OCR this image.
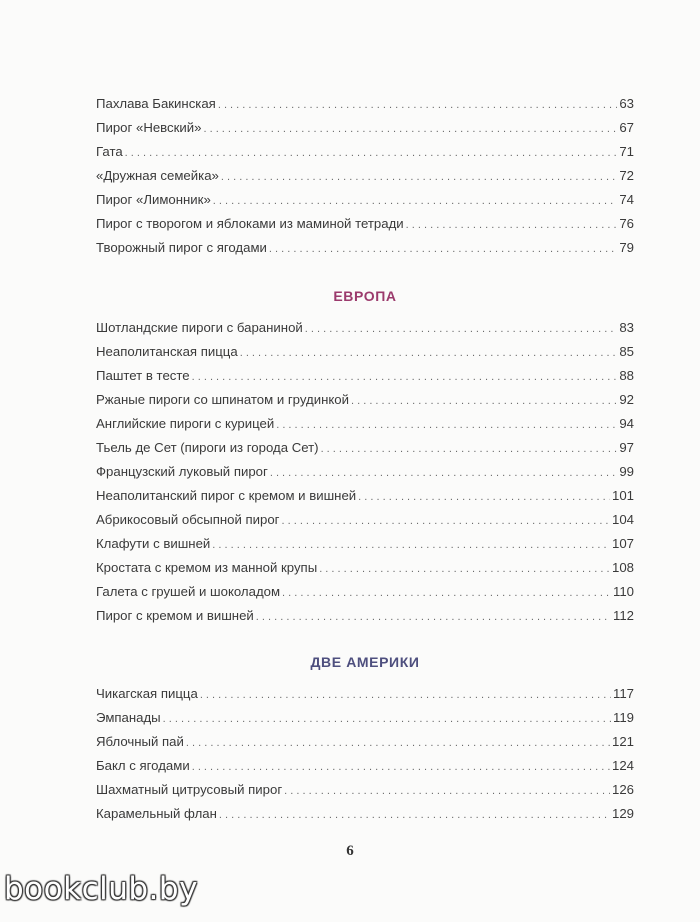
Пахлава Бакинская . . .	63
Пирог «Невский» . . .	67
Гата . . .	71
«Дружная семейка» . . .	72
Пирог «Лимонник» . . .	74
Пирог с творогом и яблоками из маминой тетради . . .	76
Творожный пирог с ягодами . . .	79
ЕВРОПА
Шотландские пироги с бараниной . . .	83
Неаполитанская пицца . . .	85
Паштет в тесте . . .	88
Ржаные пироги со шпинатом и грудинкой . . .	92
Английские пироги с курицей . . .	94
Тьель де Сет (пироги из города Сет) . . .	97
Французский луковый пирог . . .	99
Неаполитанский пирог с кремом и вишней . . .	101
Абрикосовый обсыпной пирог . . .	104
Клафути с вишней . . .	107
Кростата с кремом из манной крупы . . .	108
Галета с грушей и шоколадом . . .	110
Пирог с кремом и вишней . . .	112
ДВЕ АМЕРИКИ
Чикагская пицца . . .	117
Эмпанады . . .	119
Яблочный пай . . .	121
Бакл с ягодами . . .	124
Шахматный цитрусовый пирог . . .	126
Карамельный флан . . .	129
6
bookclub.by
